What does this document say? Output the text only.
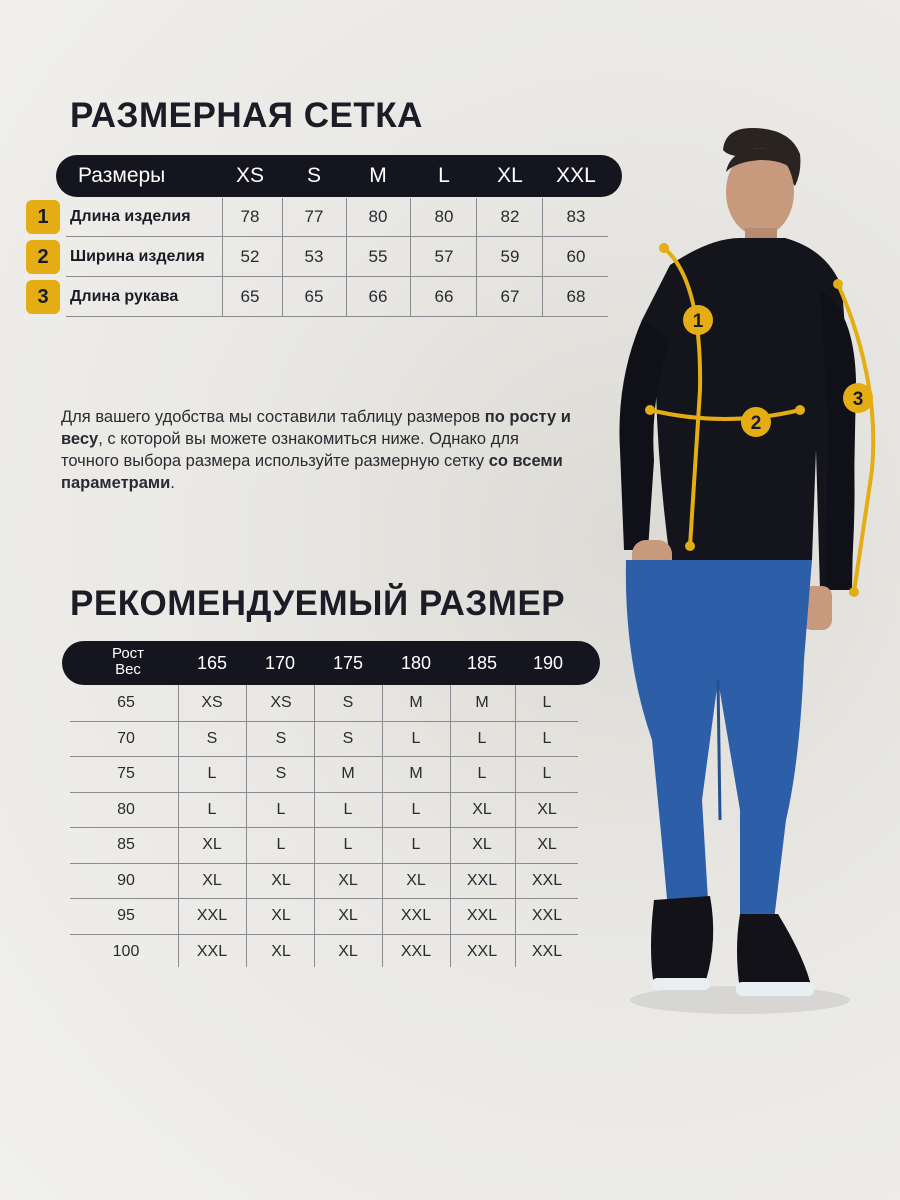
РАЗМЕРНАЯ СЕТКА
Размеры	XS	S	M	L	XL	XXL
1	Длина изделия	78	77	80	80	82	83
2	Ширина изделия	52	53	55	57	59	60
3	Длина рукава	65	65	66	66	67	68

Для вашего удобства мы составили таблицу размеров по росту и весу, с которой вы можете ознакомиться ниже. Однако для точного выбора размера используйте размерную сетку со всеми параметрами.

РЕКОМЕНДУЕМЫЙ РАЗМЕР
Рост
Вес	165	170	175	180	185	190
65	XS	XS	S	M	M	L
70	S	S	S	L	L	L
75	L	S	M	M	L	L
80	L	L	L	L	XL	XL
85	XL	L	L	L	XL	XL
90	XL	XL	XL	XL	XXL	XXL
95	XXL	XL	XL	XXL	XXL	XXL
100	XXL	XL	XL	XXL	XXL	XXL
1
2
3
